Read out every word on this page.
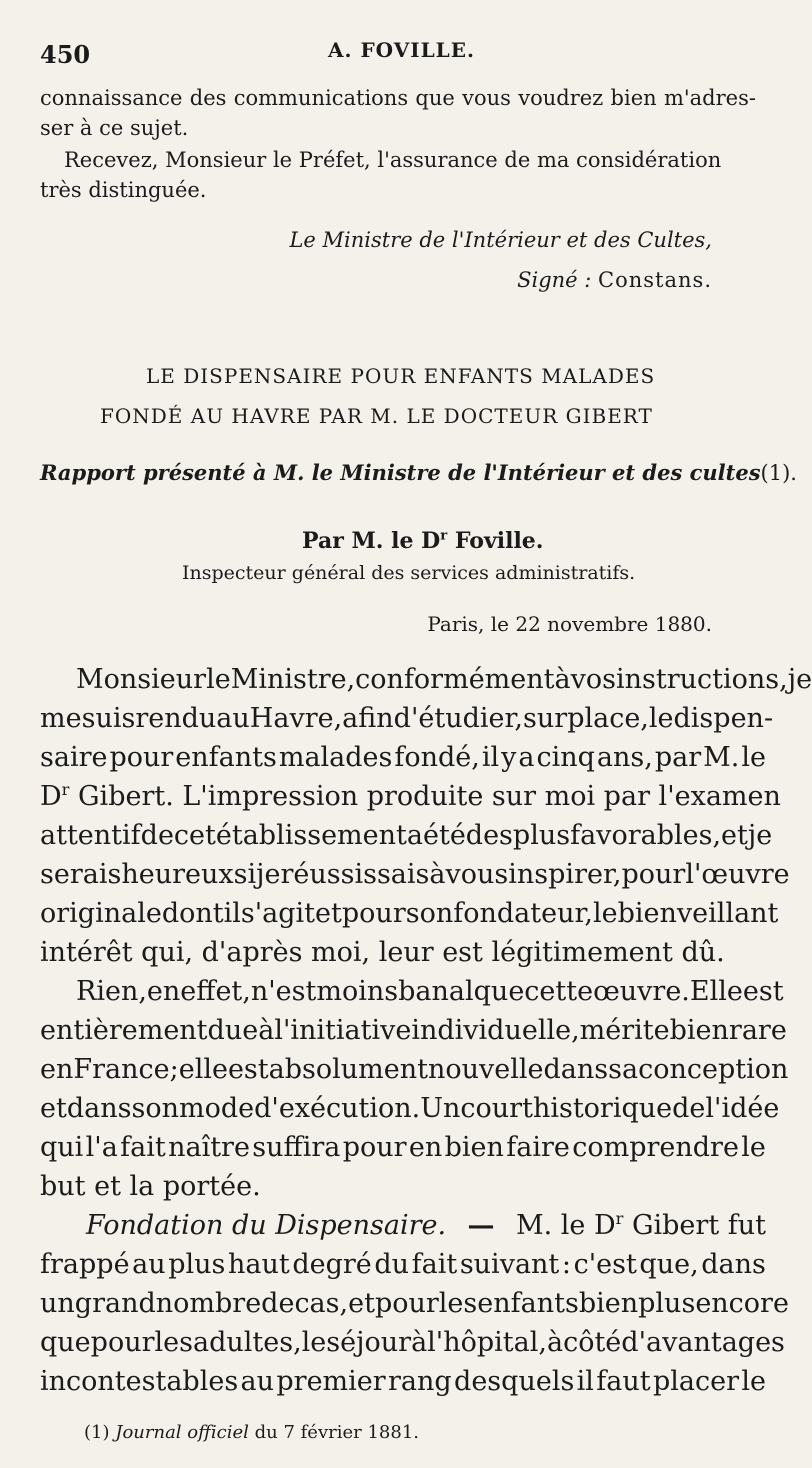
450	A. FOVILLE.
connaissance des communications que vous voudrez bien m'adres-
ser à ce sujet.
Recevez, Monsieur le Préfet, l'assurance de ma considération
très distinguée.
Le Ministre de l'Intérieur et des Cultes,
Signé : Constans.
LE DISPENSAIRE POUR ENFANTS MALADES
FONDÉ AU HAVRE PAR M. LE DOCTEUR GIBERT
Rapport présenté à M. le Ministre de l'Intérieur et des cultes(1).
Par M. le $D^r$ Foville.
Inspecteur général des services administratifs.
Paris, le 22 novembre 1880.
Monsieur le Ministre, conformément à vos instructions, je
me suis rendu au Havre, afin d'étudier, sur place, le dispen-
saire pour enfants malades fondé, il y a cinq ans, par M. le
$D^r$ Gibert. L'impression produite sur moi par l'examen
attentif de cet établissement a été des plus favorables, et je
serais heureux si je réussissais à vous inspirer, pour l'œuvre
originale dont il s'agit et pour son fondateur, le bienveillant
intérêt qui, d'après moi, leur est légitimement dû.
Rien, en effet, n'est moins banal que cette œuvre. Elle est
entièrement due à l'initiative individuelle, mérite bien rare
en France ; elle est absolument nouvelle dans sa conception
et dans son mode d'exécution. Un court historique de l'idée
qui l'a fait naître suffira pour en bien faire comprendre le
but et la portée.
Fondation du Dispensaire. — M. le $D^r$ Gibert fut
frappé au plus haut degré du fait suivant : c'est que, dans
un grand nombre de cas, et pour les enfants bien plus encore
que pour les adultes, le séjour à l'hôpital, à côté d'avantages
incontestables au premier rang desquels il faut placer le
(1) Journal officiel du 7 février 1881.
